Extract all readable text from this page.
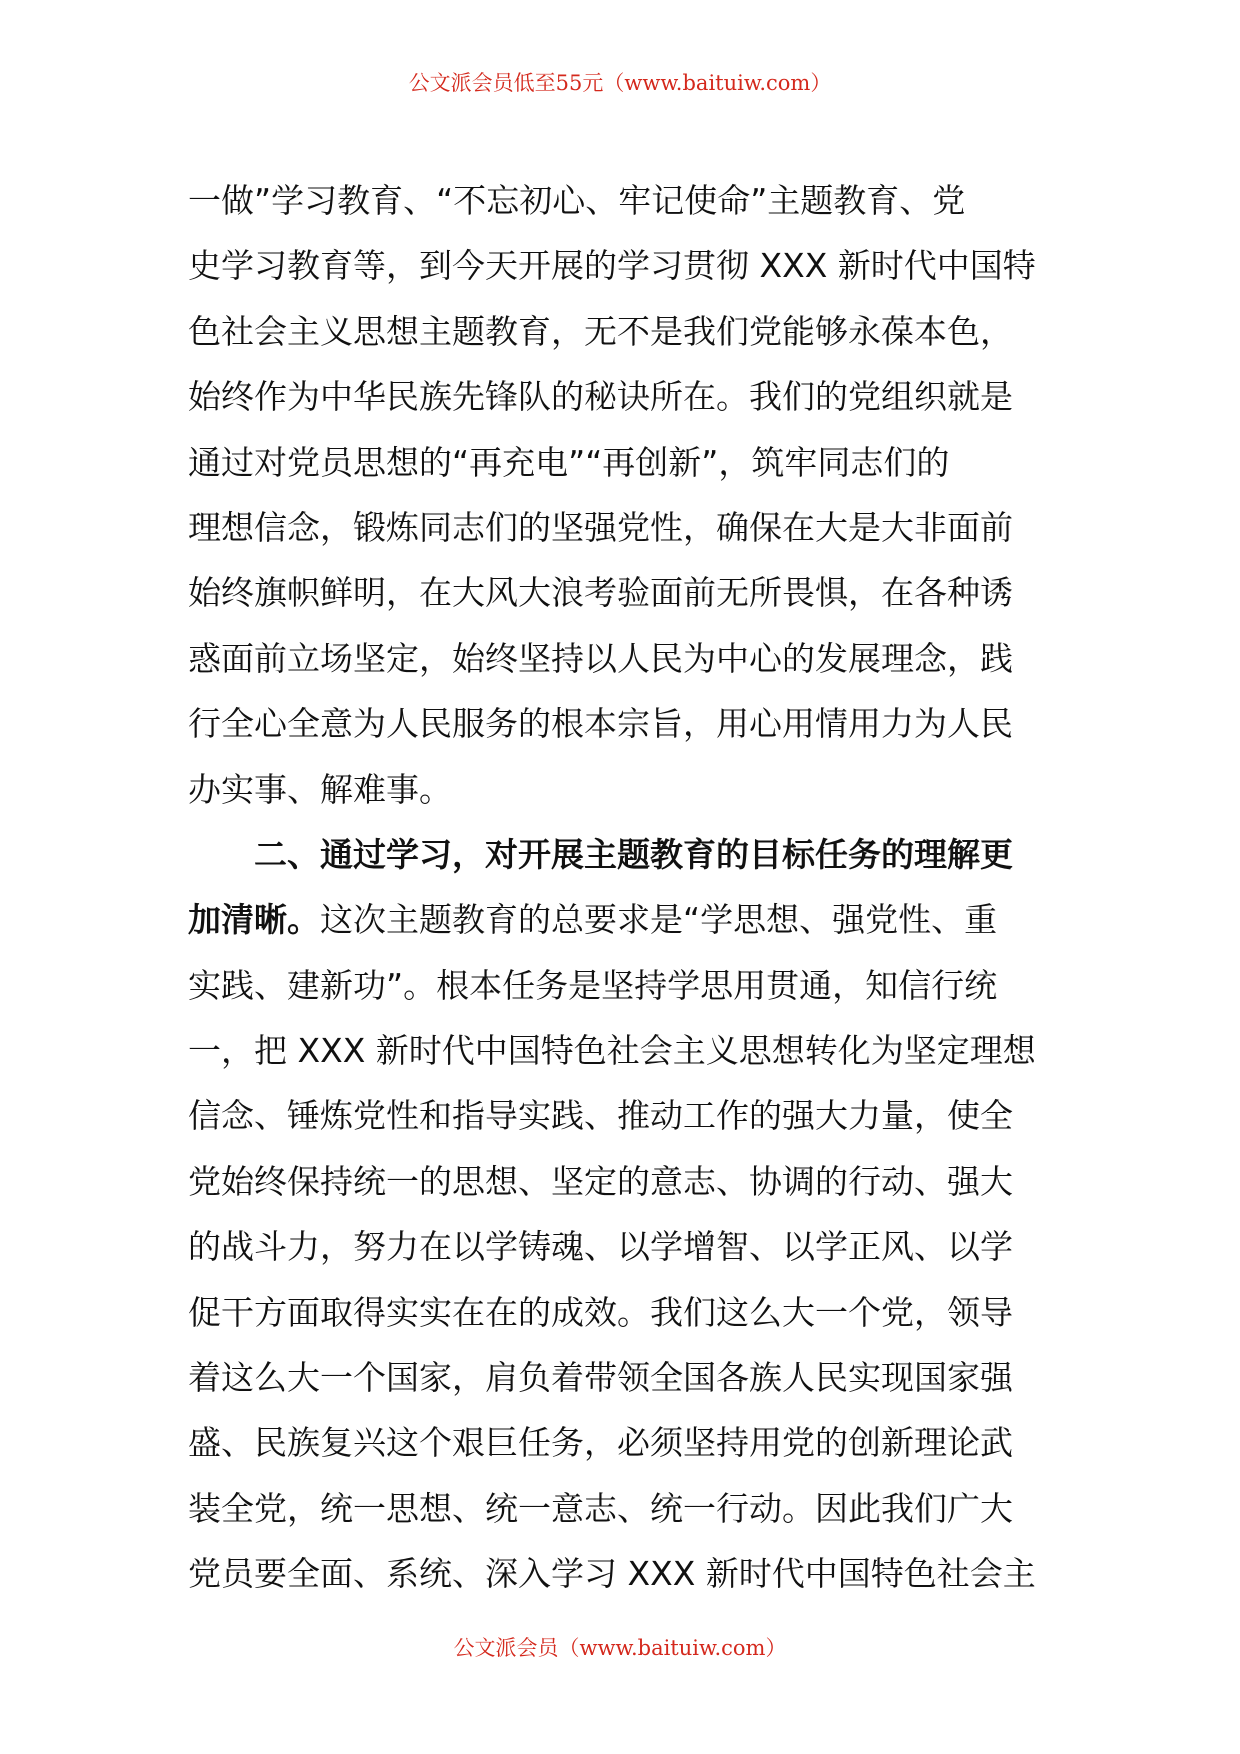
公文派会员低至55元（www.baituiw.com）
一做”学习教育、“不忘初心、牢记使命”主题教育、党
史学习教育等，到今天开展的学习贯彻 XXX 新时代中国特
色社会主义思想主题教育，无不是我们党能够永葆本色，
始终作为中华民族先锋队的秘诀所在。我们的党组织就是
通过对党员思想的“再充电”“再创新”，筑牢同志们的
理想信念，锻炼同志们的坚强党性，确保在大是大非面前
始终旗帜鲜明，在大风大浪考验面前无所畏惧，在各种诱
惑面前立场坚定，始终坚持以人民为中心的发展理念，践
行全心全意为人民服务的根本宗旨，用心用情用力为人民
办实事、解难事。
二、通过学习，对开展主题教育的目标任务的理解更
加清晰。这次主题教育的总要求是“学思想、强党性、重
实践、建新功”。根本任务是坚持学思用贯通，知信行统
一，把 XXX 新时代中国特色社会主义思想转化为坚定理想
信念、锤炼党性和指导实践、推动工作的强大力量，使全
党始终保持统一的思想、坚定的意志、协调的行动、强大
的战斗力，努力在以学铸魂、以学增智、以学正风、以学
促干方面取得实实在在的成效。我们这么大一个党，领导
着这么大一个国家，肩负着带领全国各族人民实现国家强
盛、民族复兴这个艰巨任务，必须坚持用党的创新理论武
装全党，统一思想、统一意志、统一行动。因此我们广大
党员要全面、系统、深入学习 XXX 新时代中国特色社会主
公文派会员（www.baituiw.com）
